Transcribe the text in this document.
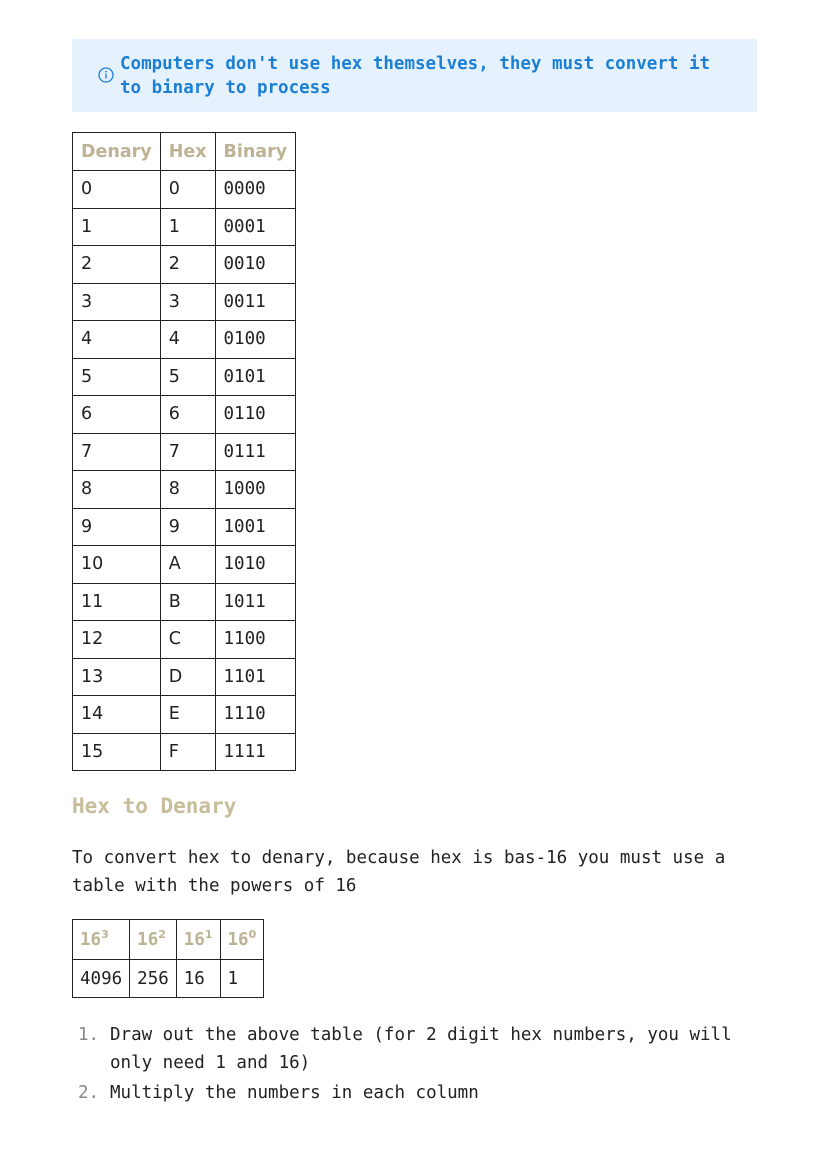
Computers don't use hex themselves, they must convert it to binary to process
Denary	Hex	Binary
0	0	0000
1	1	0001
2	2	0010
3	3	0011
4	4	0100
5	5	0101
6	6	0110
7	7	0111
8	8	1000
9	9	1001
10	A	1010
11	B	1011
12	C	1100
13	D	1101
14	E	1110
15	F	1111
Hex to Denary
To convert hex to denary, because hex is bas-16 you must use a table with the powers of 16
$16^3$	$16^2$	$16^1$	$16^0$
4096	256	16	1
1. Draw out the above table (for 2 digit hex numbers, you will only need 1 and 16)
2. Multiply the numbers in each column
